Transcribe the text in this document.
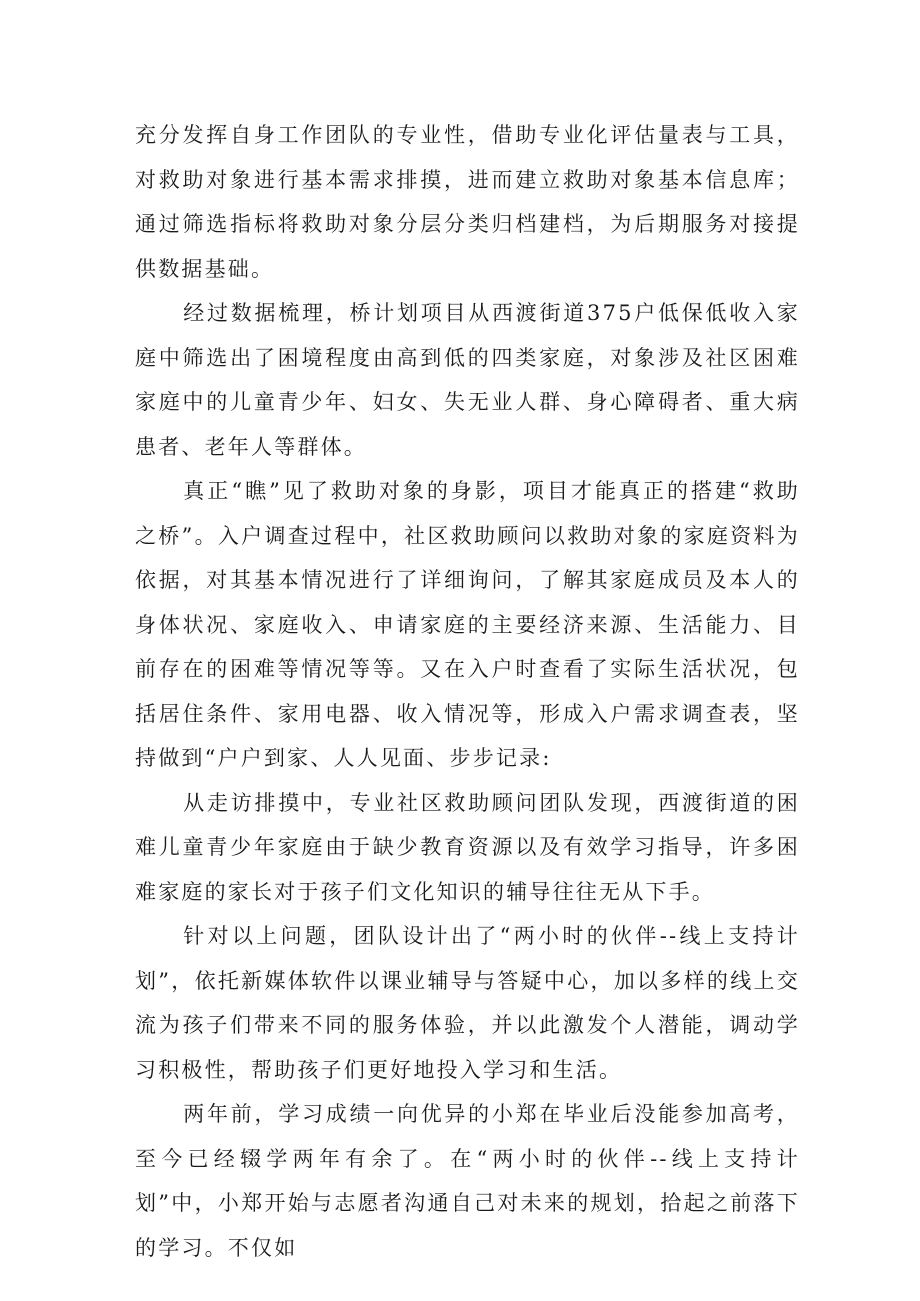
充分发挥自身工作团队的专业性，借助专业化评估量表与工具，对救助对象进行基本需求排摸，进而建立救助对象基本信息库；通过筛选指标将救助对象分层分类归档建档，为后期服务对接提供数据基础。

经过数据梳理，桥计划项目从西渡街道375户低保低收入家庭中筛选出了困境程度由高到低的四类家庭，对象涉及社区困难家庭中的儿童青少年、妇女、失无业人群、身心障碍者、重大病患者、老年人等群体。

真正“瞧”见了救助对象的身影，项目才能真正的搭建“救助之桥”。入户调查过程中，社区救助顾问以救助对象的家庭资料为依据，对其基本情况进行了详细询问，了解其家庭成员及本人的身体状况、家庭收入、申请家庭的主要经济来源、生活能力、目前存在的困难等情况等等。又在入户时查看了实际生活状况，包括居住条件、家用电器、收入情况等，形成入户需求调查表，坚持做到“户户到家、人人见面、步步记录:

从走访排摸中，专业社区救助顾问团队发现，西渡街道的困难儿童青少年家庭由于缺少教育资源以及有效学习指导，许多困难家庭的家长对于孩子们文化知识的辅导往往无从下手。

针对以上问题，团队设计出了“两小时的伙伴--线上支持计划”，依托新媒体软件以课业辅导与答疑中心，加以多样的线上交流为孩子们带来不同的服务体验，并以此激发个人潜能，调动学习积极性，帮助孩子们更好地投入学习和生活。

两年前，学习成绩一向优异的小郑在毕业后没能参加高考，至今已经辍学两年有余了。在“两小时的伙伴--线上支持计划”中，小郑开始与志愿者沟通自己对未来的规划，拾起之前落下的学习。不仅如
